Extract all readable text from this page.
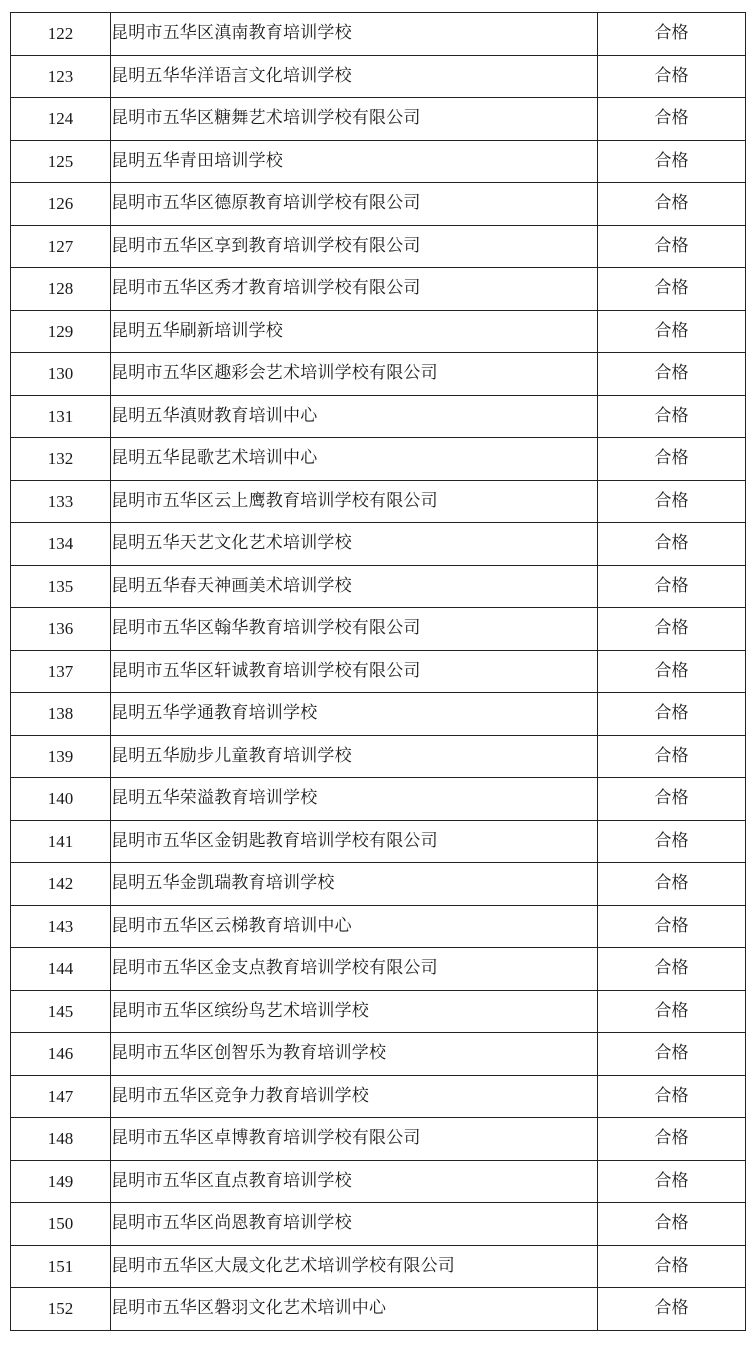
122	昆明市五华区滇南教育培训学校	合格
123	昆明五华华洋语言文化培训学校	合格
124	昆明市五华区糖舞艺术培训学校有限公司	合格
125	昆明五华青田培训学校	合格
126	昆明市五华区德原教育培训学校有限公司	合格
127	昆明市五华区享到教育培训学校有限公司	合格
128	昆明市五华区秀才教育培训学校有限公司	合格
129	昆明五华刷新培训学校	合格
130	昆明市五华区趣彩会艺术培训学校有限公司	合格
131	昆明五华滇财教育培训中心	合格
132	昆明五华昆歌艺术培训中心	合格
133	昆明市五华区云上鹰教育培训学校有限公司	合格
134	昆明五华天艺文化艺术培训学校	合格
135	昆明五华春天神画美术培训学校	合格
136	昆明市五华区翰华教育培训学校有限公司	合格
137	昆明市五华区轩诚教育培训学校有限公司	合格
138	昆明五华学通教育培训学校	合格
139	昆明五华励步儿童教育培训学校	合格
140	昆明五华荣溢教育培训学校	合格
141	昆明市五华区金钥匙教育培训学校有限公司	合格
142	昆明五华金凯瑞教育培训学校	合格
143	昆明市五华区云梯教育培训中心	合格
144	昆明市五华区金支点教育培训学校有限公司	合格
145	昆明市五华区缤纷鸟艺术培训学校	合格
146	昆明市五华区创智乐为教育培训学校	合格
147	昆明市五华区竞争力教育培训学校	合格
148	昆明市五华区卓博教育培训学校有限公司	合格
149	昆明市五华区直点教育培训学校	合格
150	昆明市五华区尚恩教育培训学校	合格
151	昆明市五华区大晟文化艺术培训学校有限公司	合格
152	昆明市五华区磐羽文化艺术培训中心	合格
